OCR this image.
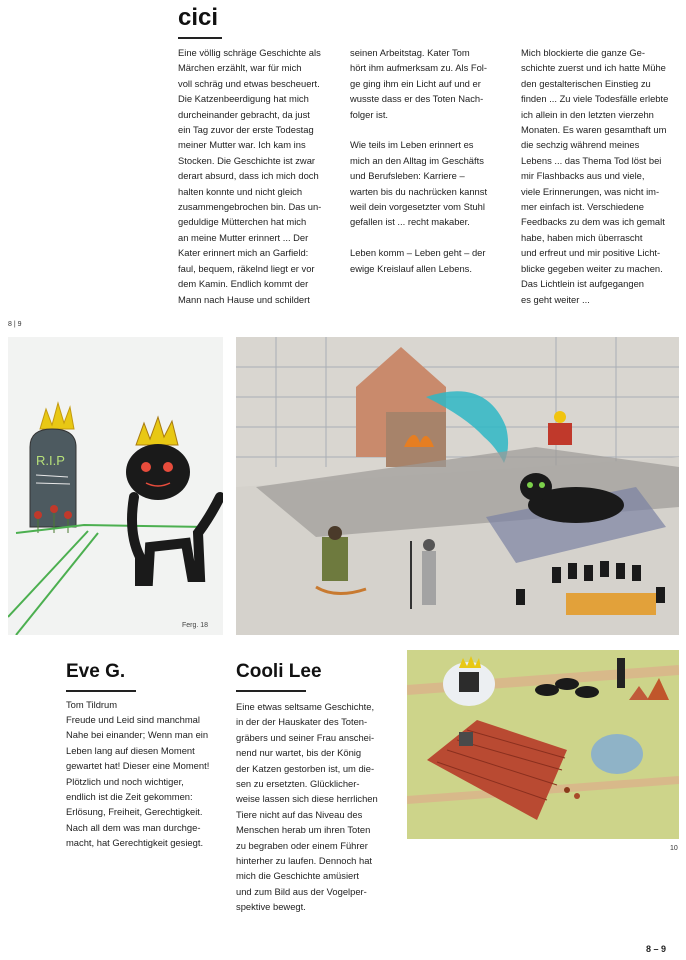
cici
Eine völlig schräge Geschichte als
Märchen erzählt, war für mich
voll schräg und etwas bescheuert.
Die Katzenbeerdigung hat mich
durcheinander gebracht, da just
ein Tag zuvor der erste Todestag
meiner Mutter war. Ich kam ins
Stocken. Die Geschichte ist zwar
derart absurd, dass ich mich doch
halten konnte und nicht gleich
zusammengebrochen bin. Das un-
geduldige Mütterchen hat mich
an meine Mutter erinnert ... Der
Kater erinnert mich an Garfield:
faul, bequem, räkelnd liegt er vor
dem Kamin. Endlich kommt der
Mann nach Hause und schildert
seinen Arbeitstag. Kater Tom
hört ihm aufmerksam zu. Als Fol-
ge ging ihm ein Licht auf und er
wusste dass er des Toten Nach-
folger ist.

Wie teils im Leben erinnert es
mich an den Alltag im Geschäfts
und Berufsleben: Karriere –
warten bis du nachrücken kannst
weil dein vorgesetzter vom Stuhl
gefallen ist ... recht makaber.

Leben komm – Leben geht – der
ewige Kreislauf allen Lebens.
Mich blockierte die ganze Ge-
schichte zuerst und ich hatte Mühe
den gestalterischen Einstieg zu
finden ... Zu viele Todesfälle erlebte
ich allein in den letzten vierzehn
Monaten. Es waren gesamthaft um
die sechzig während meines
Lebens ... das Thema Tod löst bei
mir Flashbacks aus und viele,
viele Erinnerungen, was nicht im-
mer einfach ist. Verschiedene
Feedbacks zu dem was ich gemalt
habe, haben mich überrascht
und erfreut und mir positive Licht-
blicke gegeben weiter zu machen.
Das Lichtlein ist aufgegangen
es geht weiter ...
8 | 9
R.I.P
Ferg. 18
Eve G.
Tom Tildrum
Freude und Leid sind manchmal
Nahe bei einander; Wenn man ein
Leben lang auf diesen Moment
gewartet hat! Dieser eine Moment!
Plötzlich und noch wichtiger,
endlich ist die Zeit gekommen:
Erlösung, Freiheit, Gerechtigkeit.
Nach all dem was man durchge-
macht, hat Gerechtigkeit gesiegt.
Cooli Lee
Eine etwas seltsame Geschichte,
in der der Hauskater des Toten-
gräbers und seiner Frau anschei-
nend nur wartet, bis der König
der Katzen gestorben ist, um die-
sen zu ersetzten. Glücklicher-
weise lassen sich diese herrlichen
Tiere nicht auf das Niveau des
Menschen herab um ihren Toten
zu begraben oder einem Führer
hinterher zu laufen. Dennoch hat
mich die Geschichte amüsiert
und zum Bild aus der Vogelper-
spektive bewegt.
10
8 – 9
